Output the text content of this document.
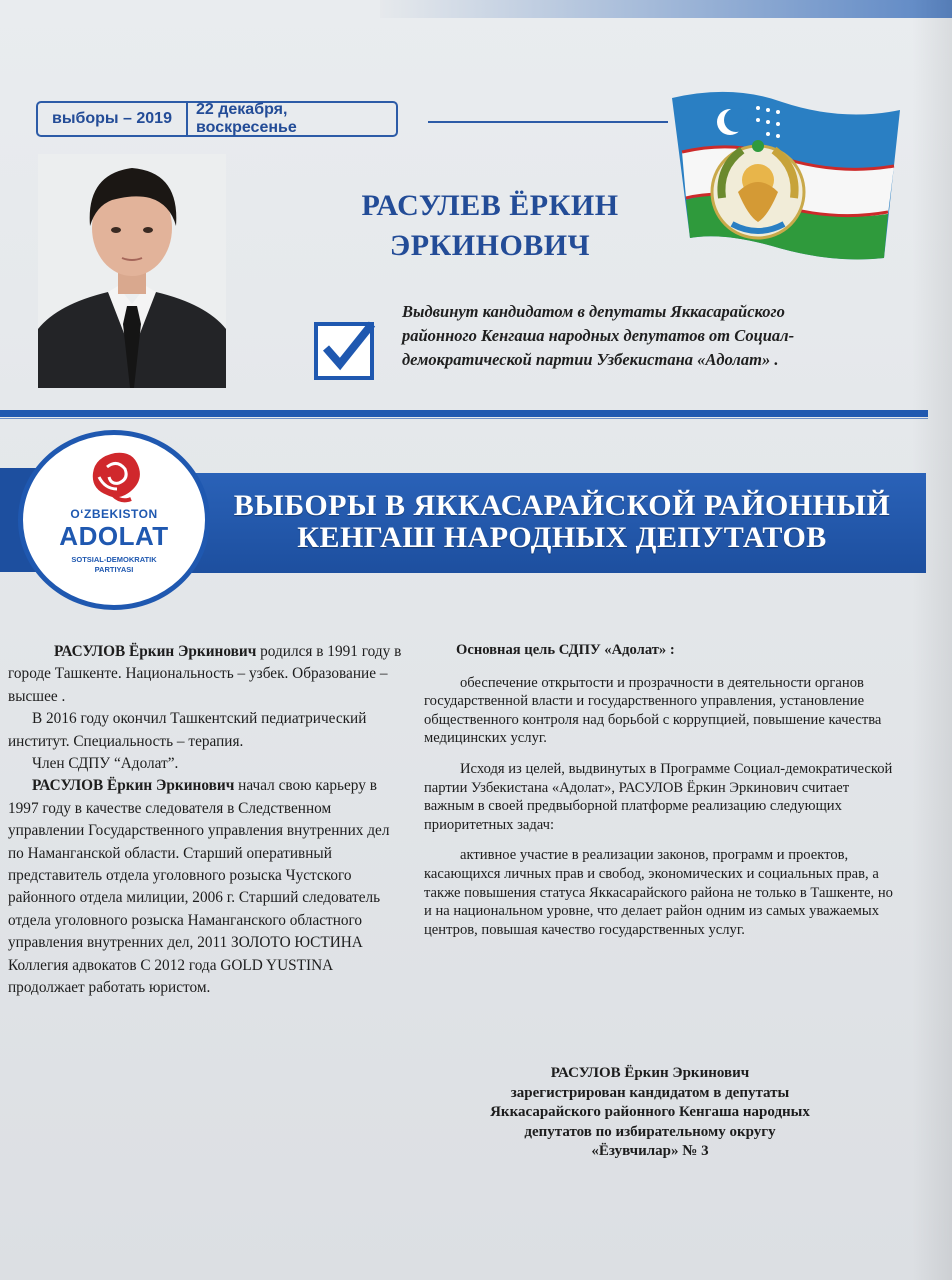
выборы – 2019
22 декабря, воскресенье

РАСУЛЕВ ЁРКИН
ЭРКИНОВИЧ

Выдвинут кандидатом в депутаты Яккасарайского районного Кенгаша народных депутатов от Социал-демократической партии Узбекистана «Адолат» .

ВЫБОРЫ В ЯККАСАРАЙСКОЙ РАЙОННЫЙ
КЕНГАШ НАРОДНЫХ ДЕПУТАТОВ

O‘ZBEKISTON
ADOLAT
SOTSIAL-DEMOKRATIK
PARTIYASI

РАСУЛОВ Ёркин Эркинович родился в 1991 году в городе Ташкенте. Национальность – узбек. Образование – высшее .

В 2016 году окончил Ташкентский педиатрический институт. Специальность – терапия.

Член СДПУ “Адолат”.

РАСУЛОВ Ёркин Эркинович начал свою карьеру в 1997 году в качестве следователя в Следственном управлении Государственного управления внутренних дел по Наманганской области. Старший оперативный представитель отдела уголовного розыска Чустского районного отдела милиции, 2006 г. Старший следователь отдела уголовного розыска Наманганского областного управления внутренних дел, 2011 ЗОЛОТО ЮСТИНА Коллегия адвокатов С 2012 года GOLD YUSTINA продолжает работать юристом.

Основная цель СДПУ «Адолат» :

обеспечение открытости и прозрачности в деятельности органов государственной власти и государственного управления, установление общественного контроля над борьбой с коррупцией, повышение качества медицинских услуг.

Исходя из целей, выдвинутых в Программе Социал-демократической партии Узбекистана «Адолат», РАСУЛОВ Ёркин Эркинович считает важным в своей предвыборной платформе реализацию следующих приоритетных задач:

активное участие в реализации законов, программ и проектов, касающихся личных прав и свобод, экономических и социальных прав, а также повышения статуса Яккасарайского района не только в Ташкенте, но и на национальном уровне, что делает район одним из самых уважаемых центров, повышая качество государственных услуг.

РАСУЛОВ Ёркин Эркинович
зарегистрирован кандидатом в депутаты
Яккасарайского районного Кенгаша народных
депутатов по избирательному округу
«Ёзувчилар» № 3
